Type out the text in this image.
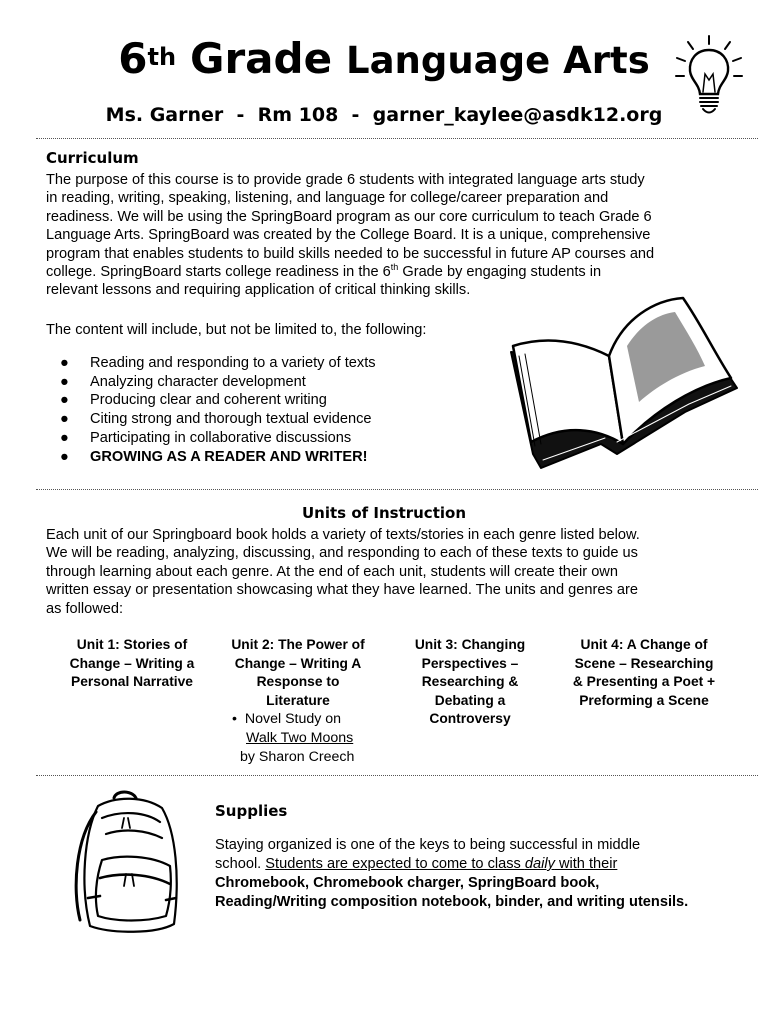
6th Grade Language Arts
Ms. Garner  -  Rm 108  -  garner_kaylee@asdk12.org
Curriculum
The purpose of this course is to provide grade 6 students with integrated language arts study
in reading, writing, speaking, listening, and language for college/career preparation and
readiness. We will be using the SpringBoard program as our core curriculum to teach Grade 6
Language Arts. SpringBoard was created by the College Board. It is a unique, comprehensive
program that enables students to build skills needed to be successful in future AP courses and
college. SpringBoard starts college readiness in the 6th Grade by engaging students in
relevant lessons and requiring application of critical thinking skills.
The content will include, but not be limited to, the following:
● Reading and responding to a variety of texts
● Analyzing character development
● Producing clear and coherent writing
● Citing strong and thorough textual evidence
● Participating in collaborative discussions
● GROWING AS A READER AND WRITER!
Units of Instruction
Each unit of our Springboard book holds a variety of texts/stories in each genre listed below.
We will be reading, analyzing, discussing, and responding to each of these texts to guide us
through learning about each genre. At the end of each unit, students will create their own
written essay or presentation showcasing what they have learned. The units and genres are
as followed:
Unit 1: Stories of
Change – Writing a
Personal Narrative
Unit 2: The Power of
Change – Writing A
Response to
Literature
•  Novel Study on
Walk Two Moons
by Sharon Creech
Unit 3: Changing
Perspectives –
Researching &
Debating a
Controversy
Unit 4: A Change of
Scene – Researching
& Presenting a Poet +
Preforming a Scene
Supplies
Staying organized is one of the keys to being successful in middle
school. Students are expected to come to class daily with their
Chromebook, Chromebook charger, SpringBoard book,
Reading/Writing composition notebook, binder, and writing utensils.
